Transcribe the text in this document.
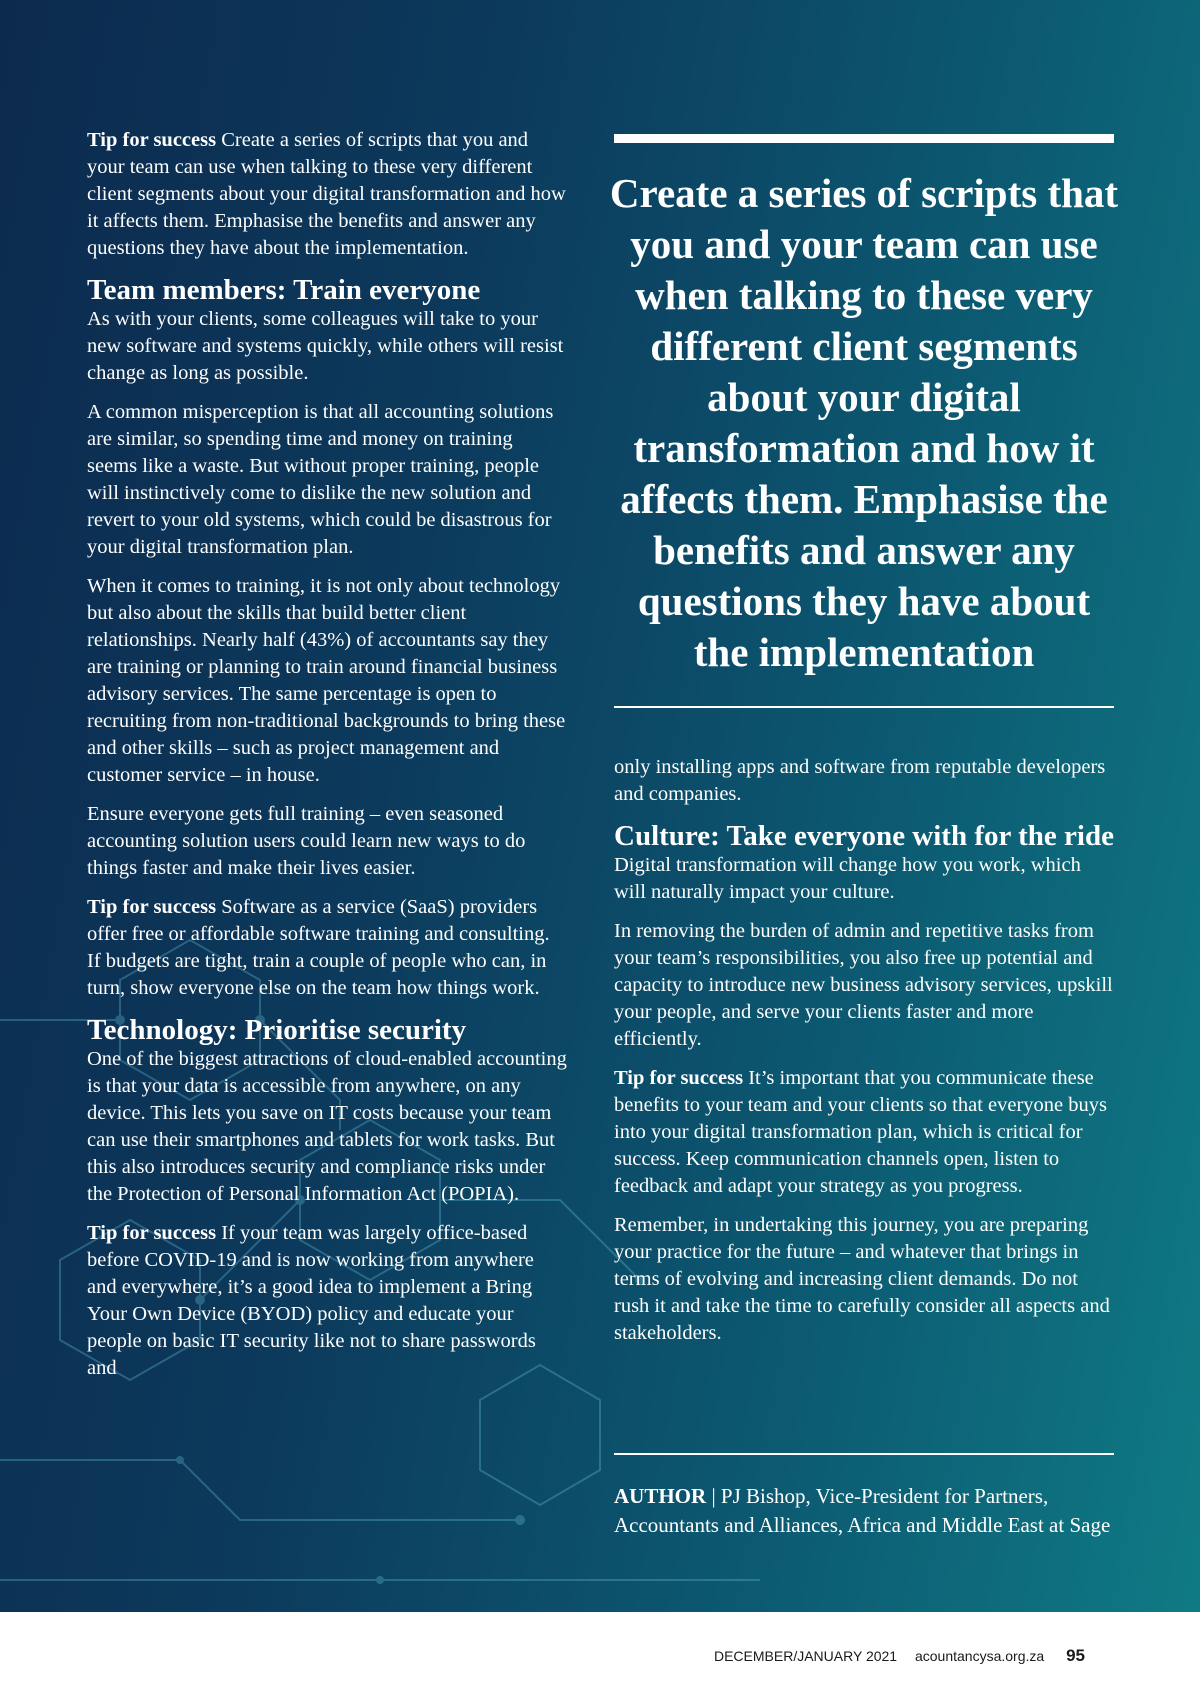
Tip for success Create a series of scripts that you and your team can use when talking to these very different client segments about your digital transformation and how it affects them. Emphasise the benefits and answer any questions they have about the implementation.

Team members: Train everyone

As with your clients, some colleagues will take to your new software and systems quickly, while others will resist change as long as possible.

A common misperception is that all accounting solutions are similar, so spending time and money on training seems like a waste. But without proper training, people will instinctively come to dislike the new solution and revert to your old systems, which could be disastrous for your digital transformation plan.

When it comes to training, it is not only about technology but also about the skills that build better client relationships. Nearly half (43%) of accountants say they are training or planning to train around financial business advisory services. The same percentage is open to recruiting from non-traditional backgrounds to bring these and other skills – such as project management and customer service – in house.

Ensure everyone gets full training – even seasoned accounting solution users could learn new ways to do things faster and make their lives easier.

Tip for success Software as a service (SaaS) providers offer free or affordable software training and consulting. If budgets are tight, train a couple of people who can, in turn, show everyone else on the team how things work.

Technology: Prioritise security

One of the biggest attractions of cloud-enabled accounting is that your data is accessible from anywhere, on any device. This lets you save on IT costs because your team can use their smartphones and tablets for work tasks. But this also introduces security and compliance risks under the Protection of Personal Information Act (POPIA).

Tip for success If your team was largely office-based before COVID-19 and is now working from anywhere and everywhere, it’s a good idea to implement a Bring Your Own Device (BYOD) policy and educate your people on basic IT security like not to share passwords and

Create a series of scripts that you and your team can use when talking to these very different client segments about your digital transformation and how it affects them. Emphasise the benefits and answer any questions they have about the implementation

only installing apps and software from reputable developers and companies.

Culture: Take everyone with for the ride

Digital transformation will change how you work, which will naturally impact your culture.

In removing the burden of admin and repetitive tasks from your team’s responsibilities, you also free up potential and capacity to introduce new business advisory services, upskill your people, and serve your clients faster and more efficiently.

Tip for success It’s important that you communicate these benefits to your team and your clients so that everyone buys into your digital transformation plan, which is critical for success. Keep communication channels open, listen to feedback and adapt your strategy as you progress.

Remember, in undertaking this journey, you are preparing your practice for the future – and whatever that brings in terms of evolving and increasing client demands. Do not rush it and take the time to carefully consider all aspects and stakeholders.

AUTHOR | PJ Bishop, Vice-President for Partners, Accountants and Alliances, Africa and Middle East at Sage

DECEMBER/JANUARY 2021 acountancysa.org.za 95
